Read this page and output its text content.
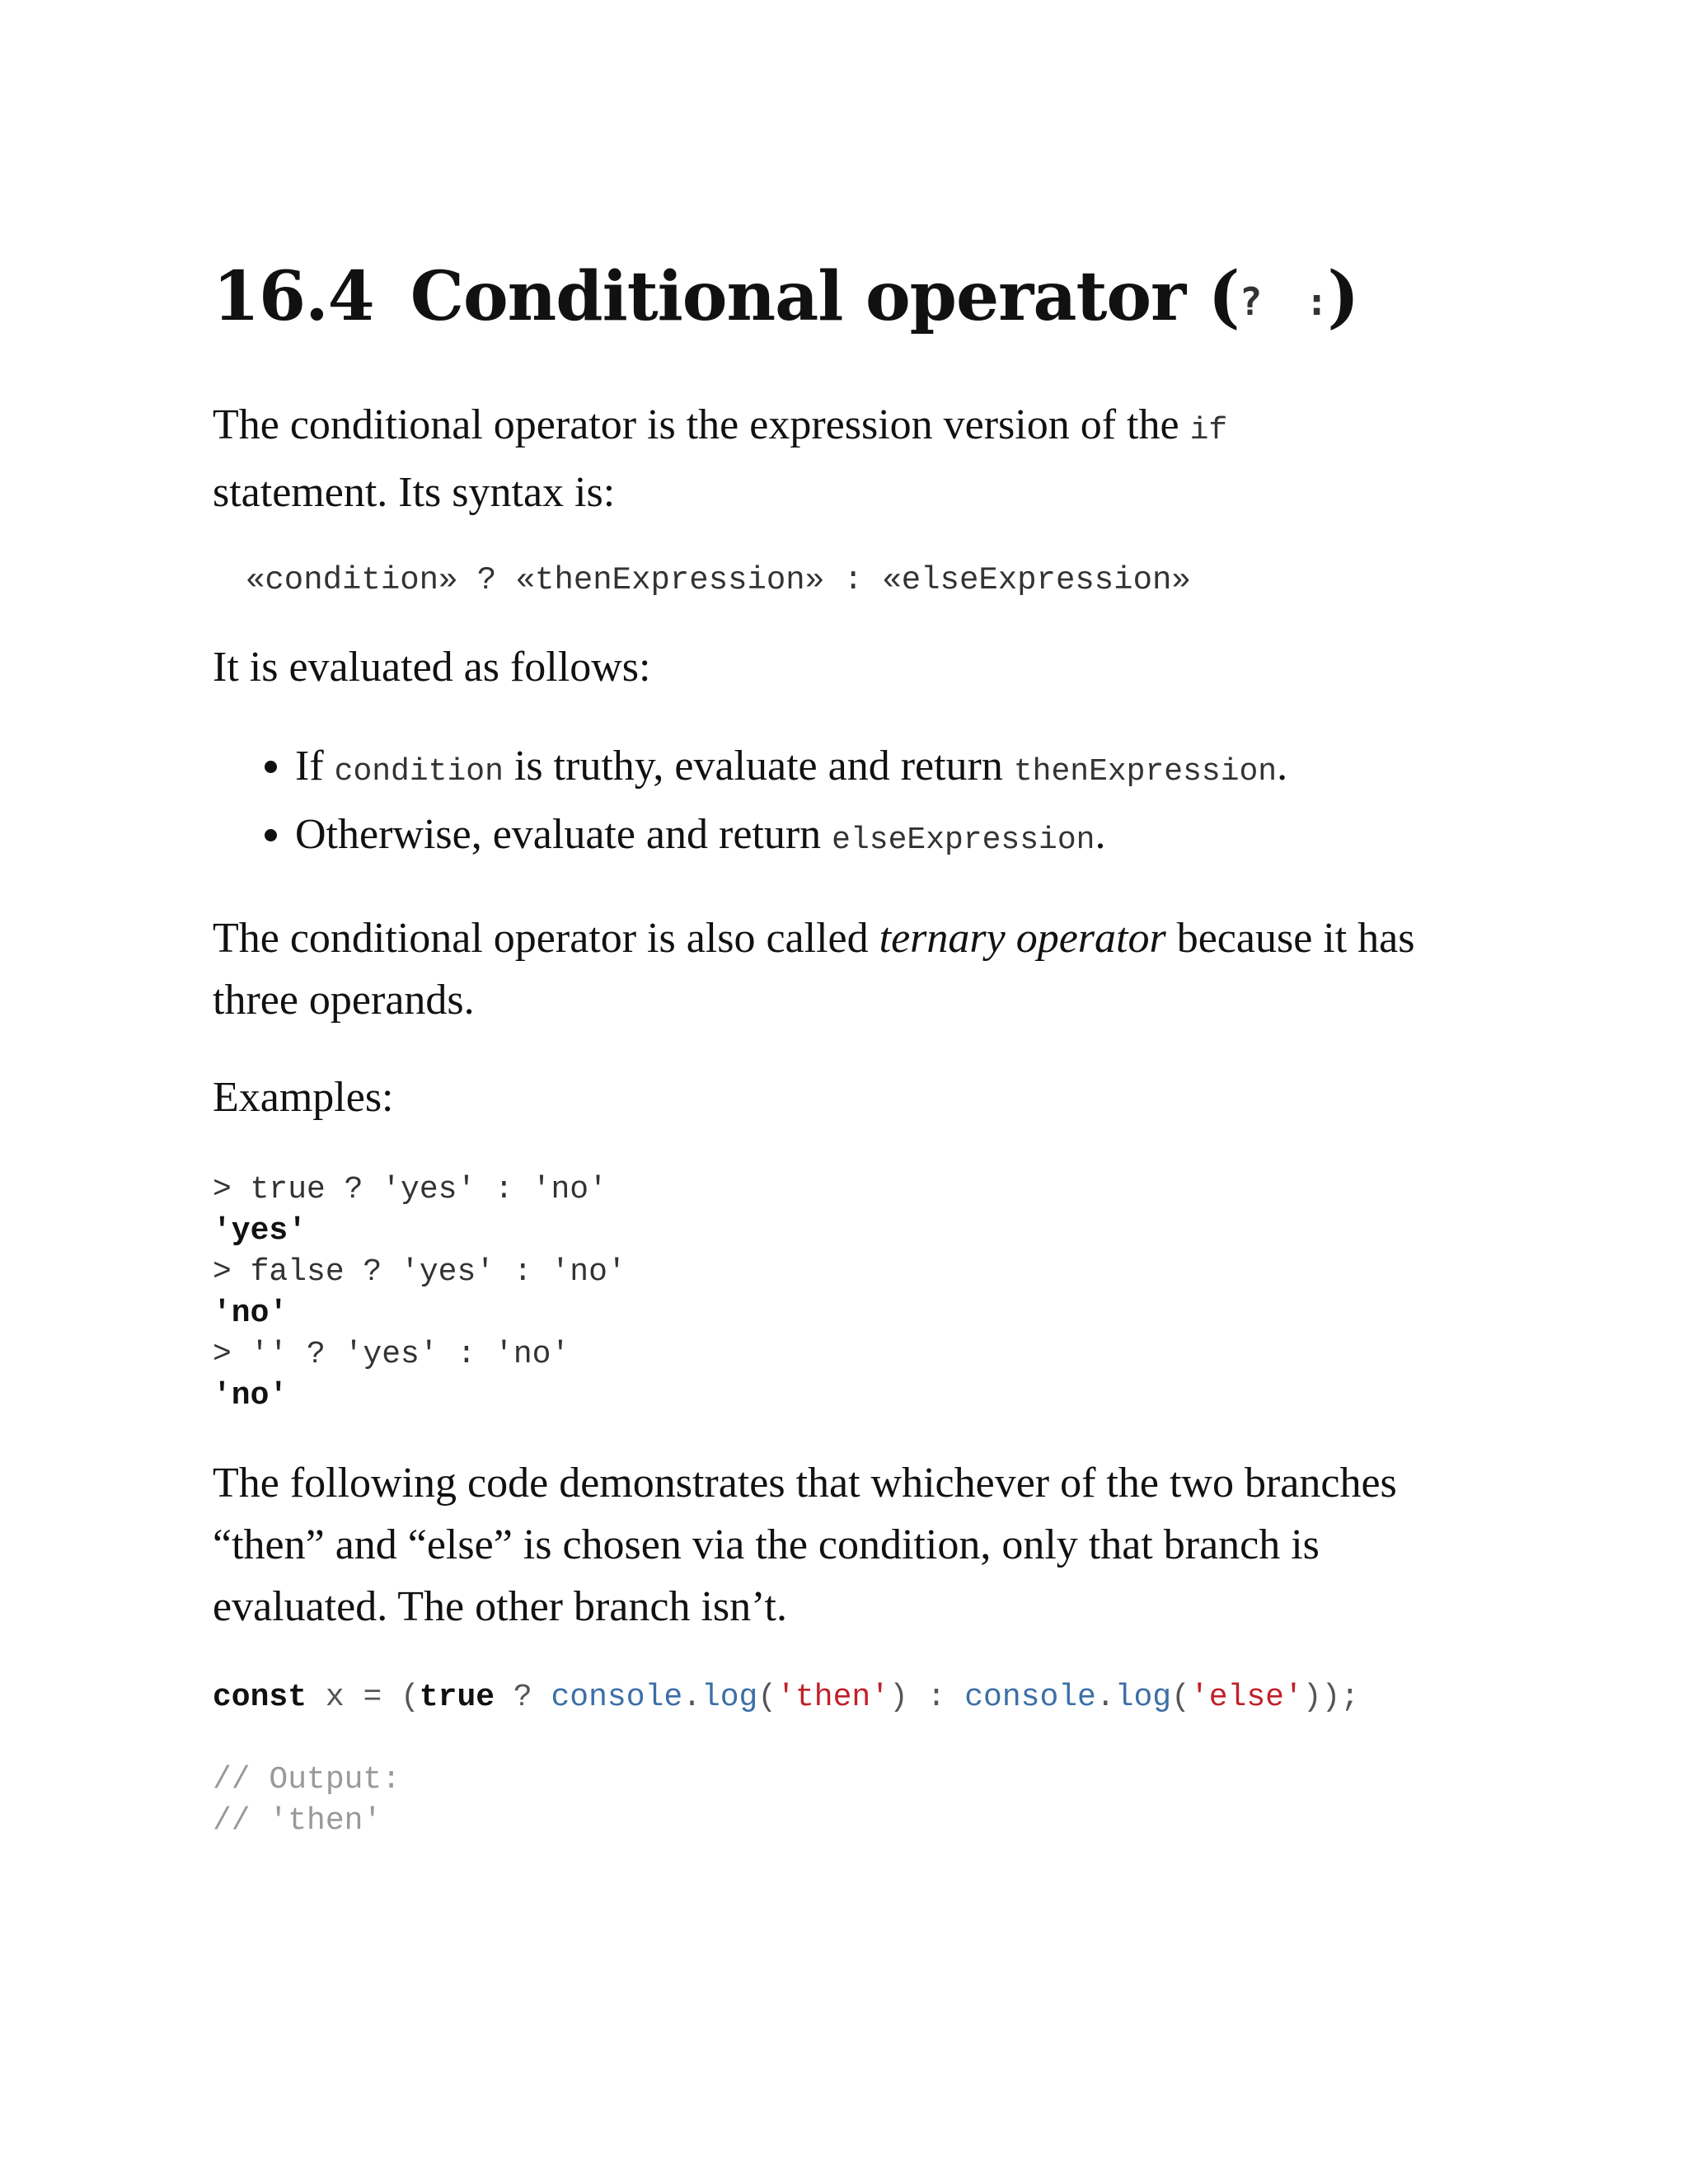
16.4 Conditional operator (? :)

The conditional operator is the expression version of the if
statement. Its syntax is:

«condition» ? «thenExpression» : «elseExpression»

It is evaluated as follows:

• If condition is truthy, evaluate and return thenExpression.
• Otherwise, evaluate and return elseExpression.

The conditional operator is also called ternary operator because it has three operands.

Examples:

> true ? 'yes' : 'no'
'yes'
> false ? 'yes' : 'no'
'no'
> '' ? 'yes' : 'no'
'no'

The following code demonstrates that whichever of the two branches “then” and “else” is chosen via the condition, only that branch is evaluated. The other branch isn’t.

const x = (true ? console.log('then') : console.log('else'));

// Output:
// 'then'
